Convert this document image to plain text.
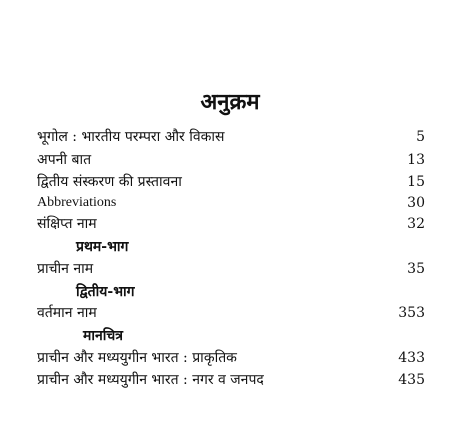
अनुक्रम
भूगोल : भारतीय परम्परा और विकास	5
अपनी बात	13
द्वितीय संस्करण की प्रस्तावना	15
Abbreviations	30
संक्षिप्त नाम	32
प्रथम-भाग
प्राचीन नाम	35
द्वितीय-भाग
वर्तमान नाम	353
मानचित्र
प्राचीन और मध्ययुगीन भारत : प्राकृतिक	433
प्राचीन और मध्ययुगीन भारत : नगर व जनपद	435
